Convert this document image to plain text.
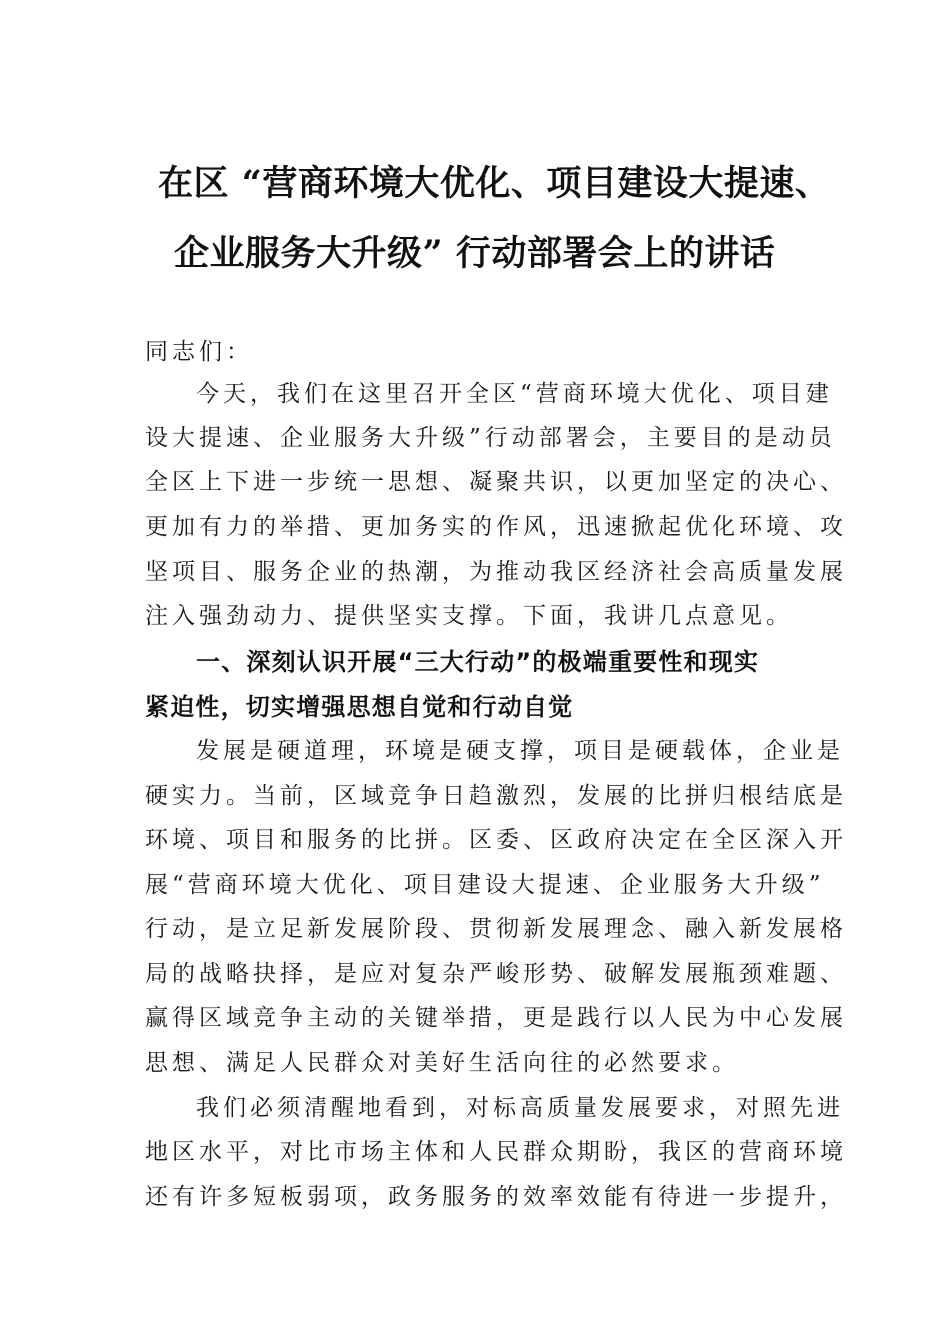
在区 “营商环境大优化、项目建设大提速、
企业服务大升级” 行动部署会上的讲话
同志们：
今天，我们在这里召开全区“营商环境大优化、项目建
设大提速、企业服务大升级”行动部署会，主要目的是动员
全区上下进一步统一思想、凝聚共识，以更加坚定的决心、
更加有力的举措、更加务实的作风，迅速掀起优化环境、攻
坚项目、服务企业的热潮，为推动我区经济社会高质量发展
注入强劲动力、提供坚实支撑。下面，我讲几点意见。
一、深刻认识开展“三大行动”的极端重要性和现实
紧迫性，切实增强思想自觉和行动自觉
发展是硬道理，环境是硬支撑，项目是硬载体，企业是
硬实力。当前，区域竞争日趋激烈，发展的比拼归根结底是
环境、项目和服务的比拼。区委、区政府决定在全区深入开
展“营商环境大优化、项目建设大提速、企业服务大升级”
行动，是立足新发展阶段、贯彻新发展理念、融入新发展格
局的战略抉择，是应对复杂严峻形势、破解发展瓶颈难题、
赢得区域竞争主动的关键举措，更是践行以人民为中心发展
思想、满足人民群众对美好生活向往的必然要求。
我们必须清醒地看到，对标高质量发展要求，对照先进
地区水平，对比市场主体和人民群众期盼，我区的营商环境
还有许多短板弱项，政务服务的效率效能有待进一步提升，
